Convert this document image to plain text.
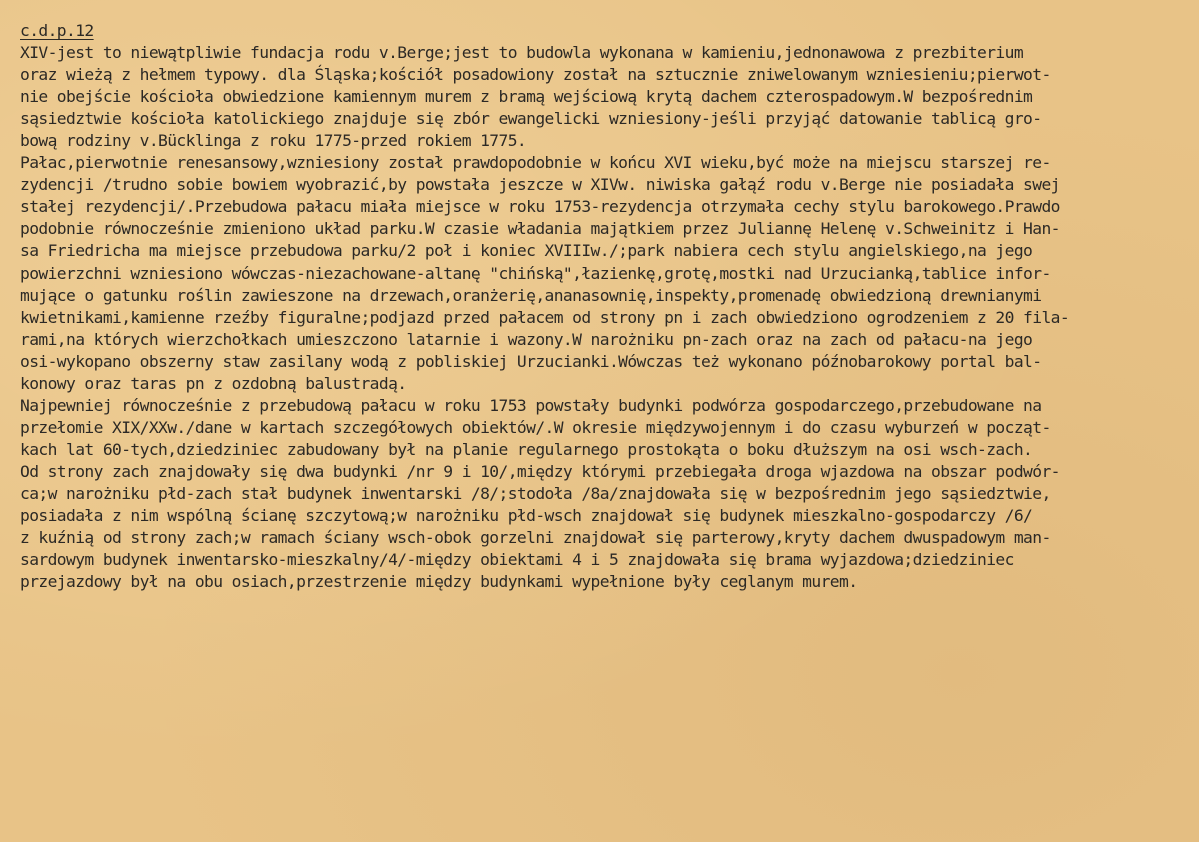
c.d.p.12
XIV-jest to niewątpliwie fundacja rodu v.Berge;jest to budowla wykonana w kamieniu,jednonawowa z prezbiterium
oraz wieżą z hełmem typowy. dla Śląska;kościół posadowiony został na sztucznie zniwelowanym wzniesieniu;pierwot-
nie obejście kościoła obwiedzione kamiennym murem z bramą wejściową krytą dachem czterospadowym.W bezpośrednim
sąsiedztwie kościoła katolickiego znajduje się zbór ewangelicki wzniesiony-jeśli przyjąć datowanie tablicą gro-
bową rodziny v.Bücklinga z roku 1775-przed rokiem 1775.
Pałac,pierwotnie renesansowy,wzniesiony został prawdopodobnie w końcu XVI wieku,być może na miejscu starszej re-
zydencji /trudno sobie bowiem wyobrazić,by powstała jeszcze w XIVw. niwiska gałąź rodu v.Berge nie posiadała swej
stałej rezydencji/.Przebudowa pałacu miała miejsce w roku 1753-rezydencja otrzymała cechy stylu barokowego.Prawdo
podobnie równocześnie zmieniono układ parku.W czasie władania majątkiem przez Juliannę Helenę v.Schweinitz i Han-
sa Friedricha ma miejsce przebudowa parku/2 poł i koniec XVIIIw./;park nabiera cech stylu angielskiego,na jego
powierzchni wzniesiono wówczas-niezachowane-altanę "chińską",łazienkę,grotę,mostki nad Urzucianką,tablice infor-
mujące o gatunku roślin zawieszone na drzewach,oranżerię,ananasownię,inspekty,promenadę obwiedzioną drewnianymi
kwietnikami,kamienne rzeźby figuralne;podjazd przed pałacem od strony pn i zach obwiedziono ogrodzeniem z 20 fila-
rami,na których wierzchołkach umieszczono latarnie i wazony.W narożniku pn-zach oraz na zach od pałacu-na jego
osi-wykopano obszerny staw zasilany wodą z pobliskiej Urzucianki.Wówczas też wykonano późnobarokowy portal bal-
konowy oraz taras pn z ozdobną balustradą.
Najpewniej równocześnie z przebudową pałacu w roku 1753 powstały budynki podwórza gospodarczego,przebudowane na
przełomie XIX/XXw./dane w kartach szczegółowych obiektów/.W okresie międzywojennym i do czasu wyburzeń w począt-
kach lat 60-tych,dziedziniec zabudowany był na planie regularnego prostokąta o boku dłuższym na osi wsch-zach.
Od strony zach znajdowały się dwa budynki /nr 9 i 10/,między którymi przebiegała droga wjazdowa na obszar podwór-
ca;w narożniku płd-zach stał budynek inwentarski /8/;stodoła /8a/znajdowała się w bezpośrednim jego sąsiedztwie,
posiadała z nim wspólną ścianę szczytową;w narożniku płd-wsch znajdował się budynek mieszkalno-gospodarczy /6/
z kuźnią od strony zach;w ramach ściany wsch-obok gorzelni znajdował się parterowy,kryty dachem dwuspadowym man-
sardowym budynek inwentarsko-mieszkalny/4/-między obiektami 4 i 5 znajdowała się brama wyjazdowa;dziedziniec
przejazdowy był na obu osiach,przestrzenie między budynkami wypełnione były ceglanym murem.
